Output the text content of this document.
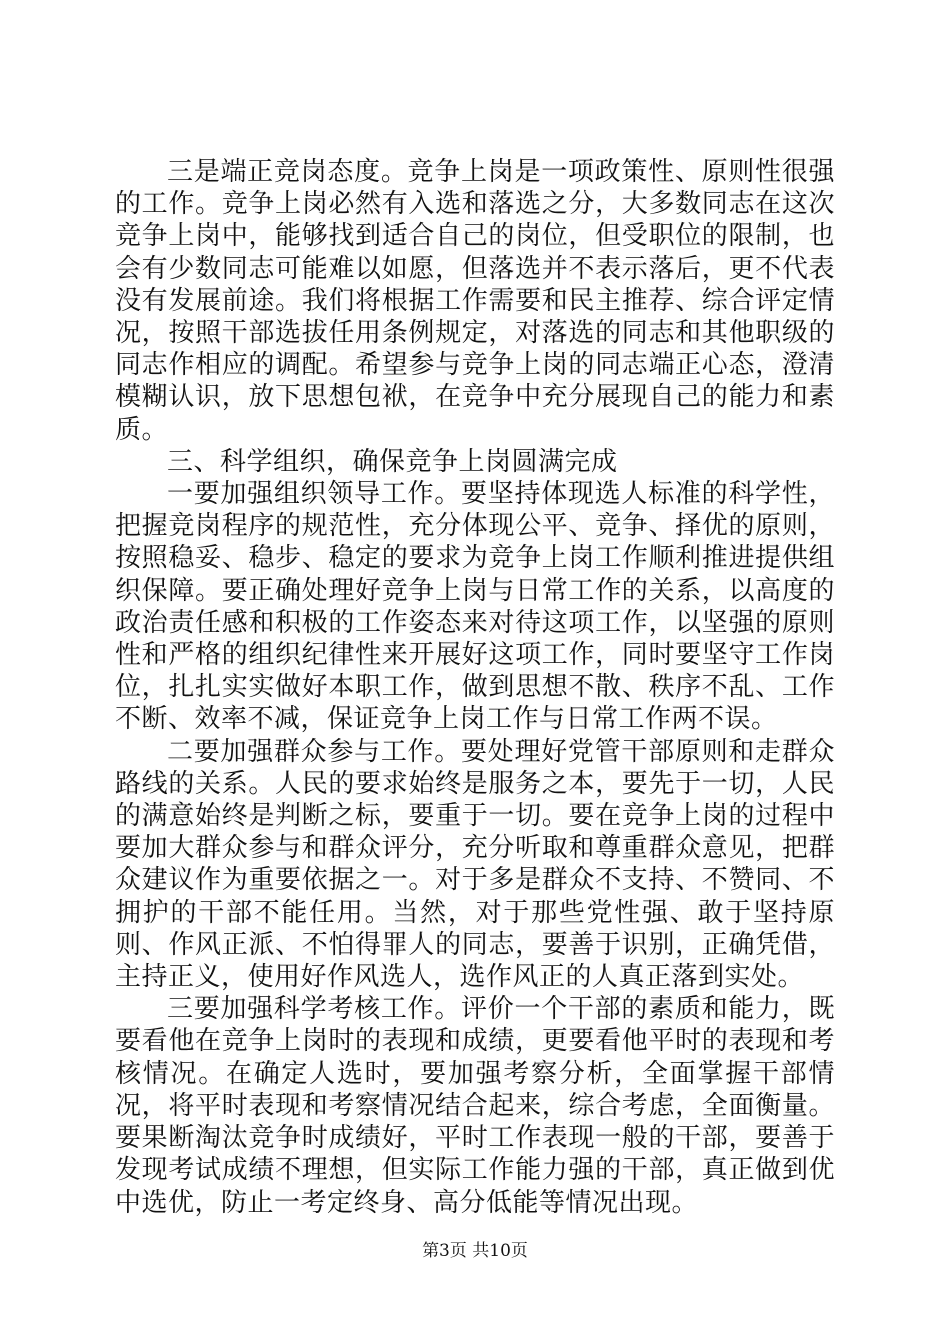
三是端正竞岗态度。竞争上岗是一项政策性、原则性很强的工作。竞争上岗必然有入选和落选之分，大多数同志在这次竞争上岗中，能够找到适合自己的岗位，但受职位的限制，也会有少数同志可能难以如愿，但落选并不表示落后，更不代表没有发展前途。我们将根据工作需要和民主推荐、综合评定情况，按照干部选拔任用条例规定，对落选的同志和其他职级的同志作相应的调配。希望参与竞争上岗的同志端正心态，澄清模糊认识，放下思想包袱，在竞争中充分展现自己的能力和素质。

三、科学组织，确保竞争上岗圆满完成

一要加强组织领导工作。要坚持体现选人标准的科学性，把握竞岗程序的规范性，充分体现公平、竞争、择优的原则，按照稳妥、稳步、稳定的要求为竞争上岗工作顺利推进提供组织保障。要正确处理好竞争上岗与日常工作的关系，以高度的政治责任感和积极的工作姿态来对待这项工作，以坚强的原则性和严格的组织纪律性来开展好这项工作，同时要坚守工作岗位，扎扎实实做好本职工作，做到思想不散、秩序不乱、工作不断、效率不减，保证竞争上岗工作与日常工作两不误。

二要加强群众参与工作。要处理好党管干部原则和走群众路线的关系。人民的要求始终是服务之本，要先于一切，人民的满意始终是判断之标，要重于一切。要在竞争上岗的过程中要加大群众参与和群众评分，充分听取和尊重群众意见，把群众建议作为重要依据之一。对于多是群众不支持、不赞同、不拥护的干部不能任用。当然，对于那些党性强、敢于坚持原则、作风正派、不怕得罪人的同志，要善于识别，正确凭借，主持正义，使用好作风选人，选作风正的人真正落到实处。

三要加强科学考核工作。评价一个干部的素质和能力，既要看他在竞争上岗时的表现和成绩，更要看他平时的表现和考核情况。在确定人选时，要加强考察分析，全面掌握干部情况，将平时表现和考察情况结合起来，综合考虑，全面衡量。要果断淘汰竞争时成绩好，平时工作表现一般的干部，要善于发现考试成绩不理想，但实际工作能力强的干部，真正做到优中选优，防止一考定终身、高分低能等情况出现。

第3页 共10页
